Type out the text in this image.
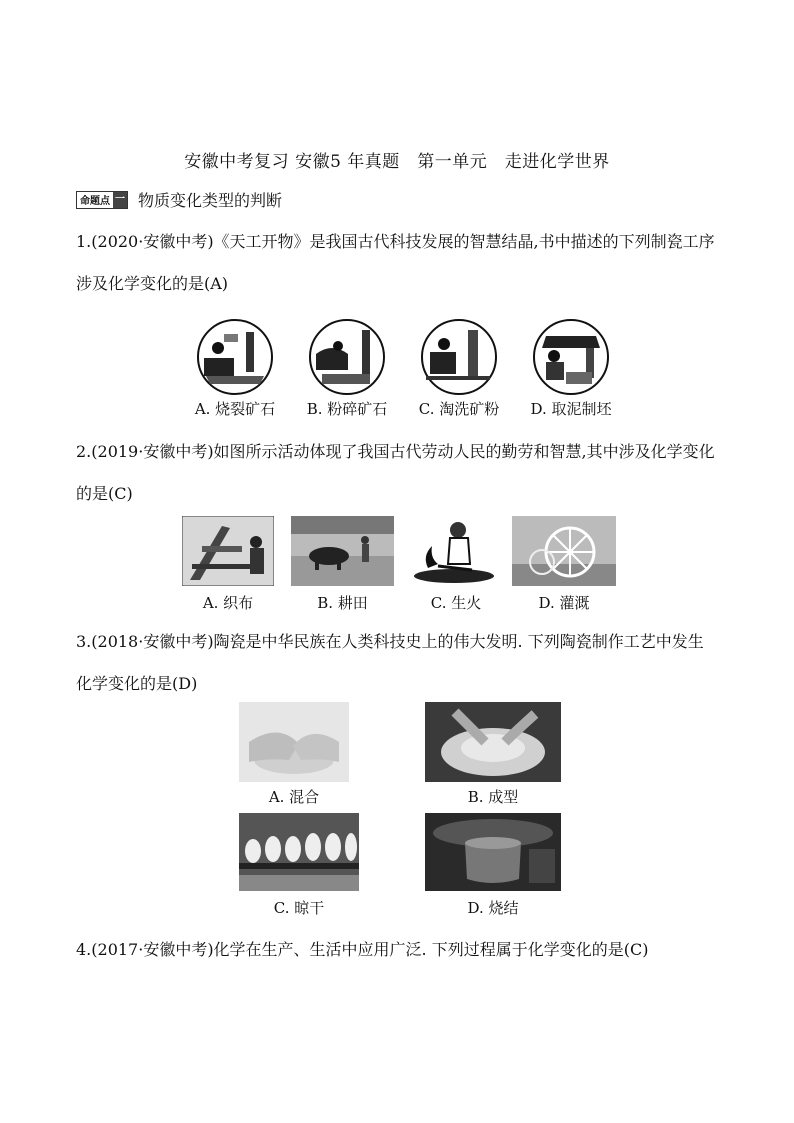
安徽中考复习 安徽5 年真题　第一单元　走进化学世界
命题点 一 物质变化类型的判断
1.(2020·安徽中考)《天工开物》是我国古代科技发展的智慧结晶,书中描述的下列制瓷工序涉及化学变化的是(A)
A. 烧裂矿石	B. 粉碎矿石	C. 淘洗矿粉	D. 取泥制坯
2.(2019·安徽中考)如图所示活动体现了我国古代劳动人民的勤劳和智慧,其中涉及化学变化的是(C)
A. 织布	B. 耕田	C. 生火	D. 灌溉
3.(2018·安徽中考)陶瓷是中华民族在人类科技史上的伟大发明. 下列陶瓷制作工艺中发生化学变化的是(D)
A. 混合	B. 成型
C. 晾干	D. 烧结
4.(2017·安徽中考)化学在生产、生活中应用广泛. 下列过程属于化学变化的是(C)
